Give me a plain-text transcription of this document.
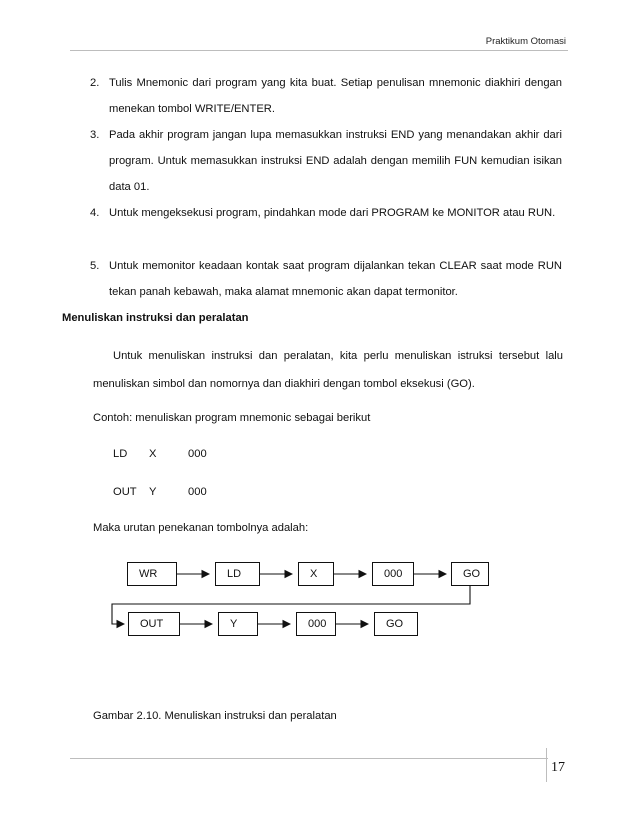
Praktikum Otomasi
2. Tulis Mnemonic dari program yang kita buat. Setiap penulisan mnemonic diakhiri dengan menekan tombol WRITE/ENTER.
3. Pada akhir program jangan lupa memasukkan instruksi END yang menandakan akhir dari program. Untuk memasukkan instruksi END adalah dengan memilih FUN kemudian isikan data 01.
4. Untuk mengeksekusi program, pindahkan mode dari PROGRAM ke MONITOR atau RUN.
5. Untuk memonitor keadaan kontak saat program dijalankan tekan CLEAR saat mode RUN tekan panah kebawah, maka alamat mnemonic akan dapat termonitor.
Menuliskan instruksi dan peralatan
Untuk menuliskan instruksi dan peralatan, kita perlu menuliskan istruksi tersebut lalu menuliskan simbol dan nomornya dan diakhiri dengan tombol eksekusi (GO).
Contoh: menuliskan program mnemonic sebagai berikut
LD X	000
OUT Y	000
Maka urutan penekanan tombolnya adalah:
WR	LD	X	000	GO
OUT	Y	000	GO
Gambar 2.10. Menuliskan instruksi dan peralatan
17
